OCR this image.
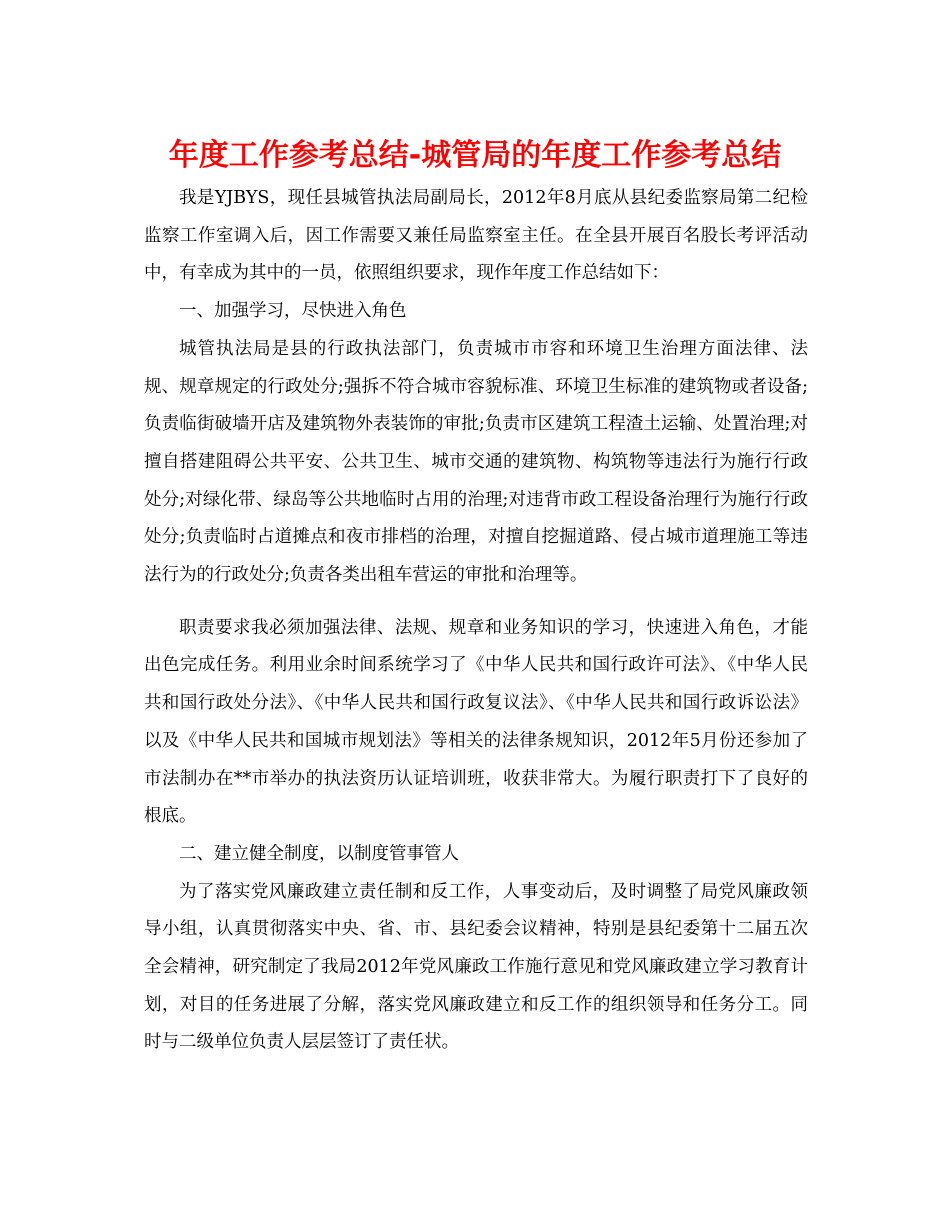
年度工作参考总结-城管局的年度工作参考总结

我是YJBYS，现任县城管执法局副局长，2012年8月底从县纪委监察局第二纪检监察工作室调入后，因工作需要又兼任局监察室主任。在全县开展百名股长考评活动中，有幸成为其中的一员，依照组织要求，现作年度工作总结如下：

一、加强学习，尽快进入角色

城管执法局是县的行政执法部门，负责城市市容和环境卫生治理方面法律、法规、规章规定的行政处分;强拆不符合城市容貌标准、环境卫生标准的建筑物或者设备;负责临街破墙开店及建筑物外表装饰的审批;负责市区建筑工程渣土运输、处置治理;对擅自搭建阻碍公共平安、公共卫生、城市交通的建筑物、构筑物等违法行为施行行政处分;对绿化带、绿岛等公共地临时占用的治理;对违背市政工程设备治理行为施行行政处分;负责临时占道摊点和夜市排档的治理，对擅自挖掘道路、侵占城市道理施工等违法行为的行政处分;负责各类出租车营运的审批和治理等。

职责要求我必须加强法律、法规、规章和业务知识的学习，快速进入角色，才能出色完成任务。利用业余时间系统学习了《中华人民共和国行政许可法》、《中华人民共和国行政处分法》、《中华人民共和国行政复议法》、《中华人民共和国行政诉讼法》以及《中华人民共和国城市规划法》等相关的法律条规知识，2012年5月份还参加了市法制办在**市举办的执法资历认证培训班，收获非常大。为履行职责打下了良好的根底。

二、建立健全制度，以制度管事管人

为了落实党风廉政建立责任制和反工作，人事变动后，及时调整了局党风廉政领导小组，认真贯彻落实中央、省、市、县纪委会议精神，特别是县纪委第十二届五次全会精神，研究制定了我局2012年党风廉政工作施行意见和党风廉政建立学习教育计划，对目的任务进展了分解，落实党风廉政建立和反工作的组织领导和任务分工。同时与二级单位负责人层层签订了责任状。
